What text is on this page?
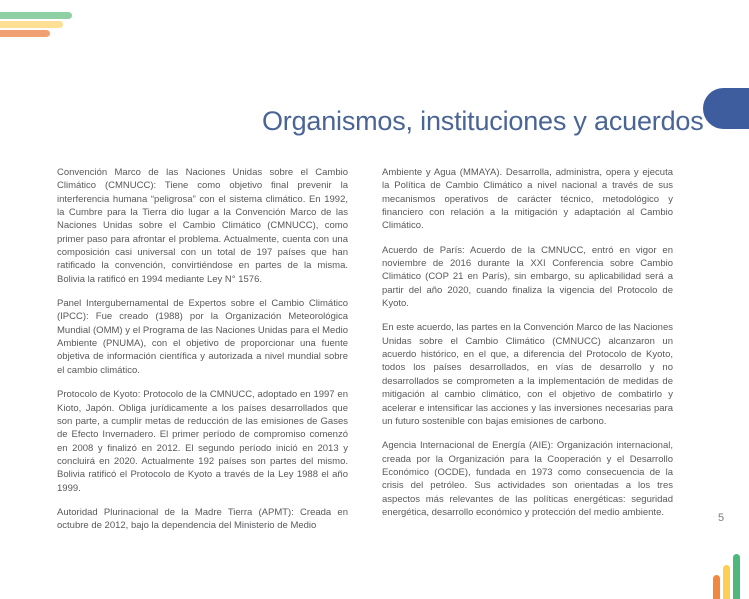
Organismos, instituciones y acuerdos

Convención Marco de las Naciones Unidas sobre el Cambio Climático (CMNUCC): Tiene como objetivo final prevenir la interferencia humana “peligrosa” con el sistema climático. En 1992, la Cumbre para la Tierra dio lugar a la Convención Marco de las Naciones Unidas sobre el Cambio Climático (CMNUCC), como primer paso para afrontar el problema. Actualmente, cuenta con una composición casi universal con un total de 197 países que han ratificado la convención, convirtiéndose en partes de la misma. Bolivia la ratificó en 1994 mediante Ley N° 1576.

Panel Intergubernamental de Expertos sobre el Cambio Climático (IPCC): Fue creado (1988) por la Organización Meteorológica Mundial (OMM) y el Programa de las Naciones Unidas para el Medio Ambiente (PNUMA), con el objetivo de proporcionar una fuente objetiva de información científica y autorizada a nivel mundial sobre el cambio climático.

Protocolo de Kyoto: Protocolo de la CMNUCC, adoptado en 1997 en Kioto, Japón. Obliga jurídicamente a los países desarrollados que son parte, a cumplir metas de reducción de las emisiones de Gases de Efecto Invernadero. El primer período de compromiso comenzó en 2008 y finalizó en 2012. El segundo período inició en 2013 y concluirá en 2020. Actualmente 192 países son partes del mismo. Bolivia ratificó el Protocolo de Kyoto a través de la Ley 1988 el año 1999.

Autoridad Plurinacional de la Madre Tierra (APMT): Creada en octubre de 2012, bajo la dependencia del Ministerio de Medio

Ambiente y Agua (MMAYA). Desarrolla, administra, opera y ejecuta la Política de Cambio Climático a nivel nacional a través de sus mecanismos operativos de carácter técnico, metodológico y financiero con relación a la mitigación y adaptación al Cambio Climático.

Acuerdo de París: Acuerdo de la CMNUCC, entró en vigor en noviembre de 2016 durante la XXI Conferencia sobre Cambio Climático (COP 21 en París), sin embargo, su aplicabilidad será a partir del año 2020, cuando finaliza la vigencia del Protocolo de Kyoto.

En este acuerdo, las partes en la Convención Marco de las Naciones Unidas sobre el Cambio Climático (CMNUCC) alcanzaron un acuerdo histórico, en el que, a diferencia del Protocolo de Kyoto, todos los países desarrollados, en vías de desarrollo y no desarrollados se comprometen a la implementación de medidas de mitigación al cambio climático, con el objetivo de combatirlo y acelerar e intensificar las acciones y las inversiones necesarias para un futuro sostenible con bajas emisiones de carbono.

Agencia Internacional de Energía (AIE): Organización internacional, creada por la Organización para la Cooperación y el Desarrollo Económico (OCDE), fundada en 1973 como consecuencia de la crisis del petróleo. Sus actividades son orientadas a los tres aspectos más relevantes de las políticas energéticas: seguridad energética, desarrollo económico y protección del medio ambiente.	5
